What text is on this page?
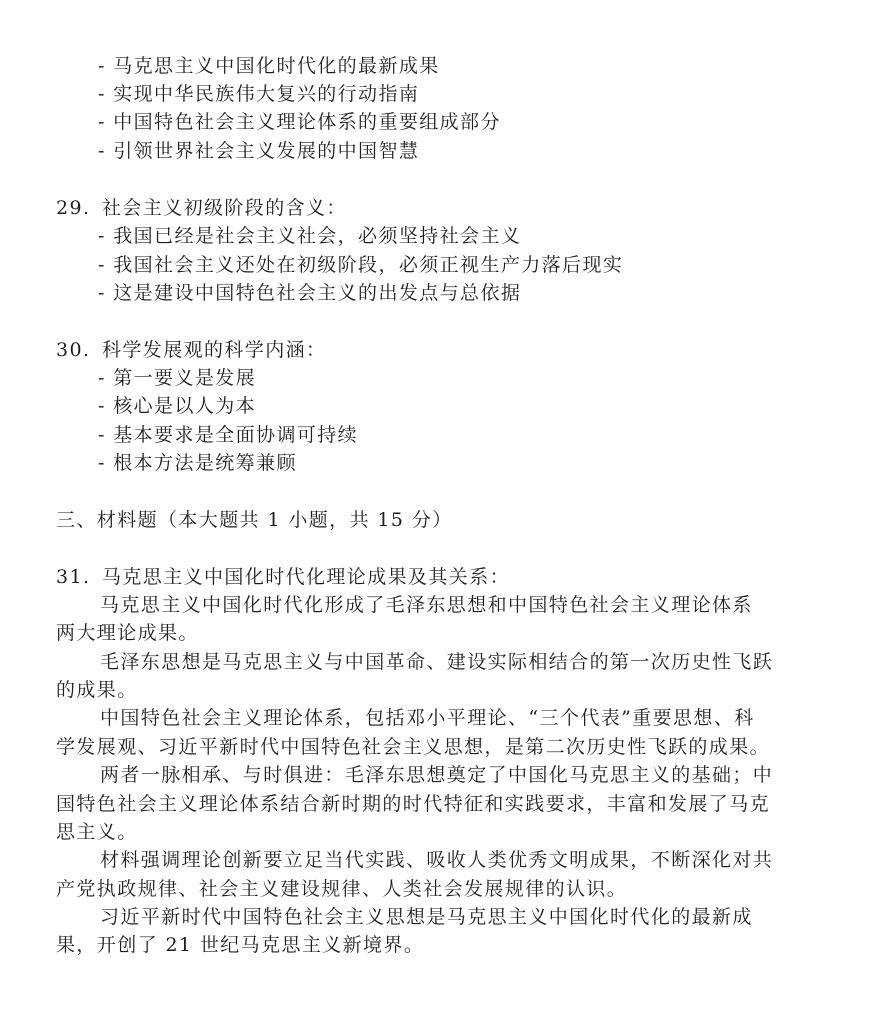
- 马克思主义中国化时代化的最新成果
- 实现中华民族伟大复兴的行动指南
- 中国特色社会主义理论体系的重要组成部分
- 引领世界社会主义发展的中国智慧
29. 社会主义初级阶段的含义：
- 我国已经是社会主义社会，必须坚持社会主义
- 我国社会主义还处在初级阶段，必须正视生产力落后现实
- 这是建设中国特色社会主义的出发点与总依据
30. 科学发展观的科学内涵：
- 第一要义是发展
- 核心是以人为本
- 基本要求是全面协调可持续
- 根本方法是统筹兼顾
三、材料题（本大题共 1 小题，共 15 分）
31. 马克思主义中国化时代化理论成果及其关系：
马克思主义中国化时代化形成了毛泽东思想和中国特色社会主义理论体系
两大理论成果。
毛泽东思想是马克思主义与中国革命、建设实际相结合的第一次历史性飞跃
的成果。
中国特色社会主义理论体系，包括邓小平理论、“三个代表”重要思想、科
学发展观、习近平新时代中国特色社会主义思想，是第二次历史性飞跃的成果。
两者一脉相承、与时俱进：毛泽东思想奠定了中国化马克思主义的基础；中
国特色社会主义理论体系结合新时期的时代特征和实践要求，丰富和发展了马克
思主义。
材料强调理论创新要立足当代实践、吸收人类优秀文明成果，不断深化对共
产党执政规律、社会主义建设规律、人类社会发展规律的认识。
习近平新时代中国特色社会主义思想是马克思主义中国化时代化的最新成
果，开创了 21 世纪马克思主义新境界。
